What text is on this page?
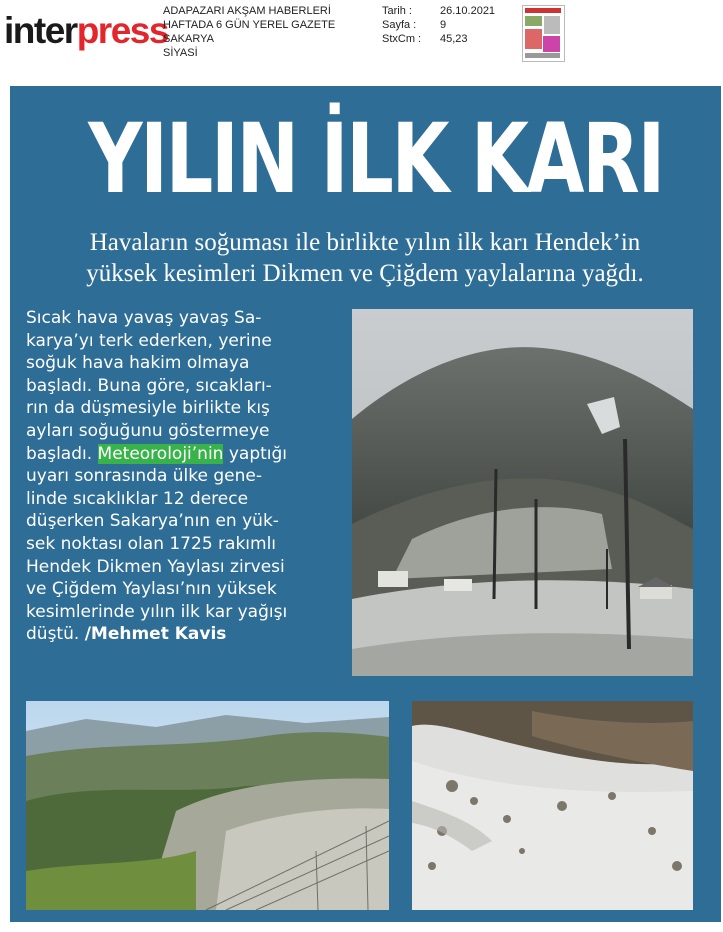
interpress
ADAPAZARI AKŞAM HABERLERİ
HAFTADA 6 GÜN YEREL GAZETE
SAKARYA
SİYASİ
Tarih :
Sayfa :
StxCm :
26.10.2021
9
45,23
YILIN İLK KARI
Havaların soğuması ile birlikte yılın ilk karı Hendek’in
yüksek kesimleri Dikmen ve Çiğdem yaylalarına yağdı.
Sıcak hava yavaş yavaş Sa-
karya’yı terk ederken, yerine
soğuk hava hakim olmaya
başladı. Buna göre, sıcakları-
rın da düşmesiyle birlikte kış
ayları soğuğunu göstermeye
başladı. Meteoroloji’nin yaptığı
uyarı sonrasında ülke gene-
linde sıcaklıklar 12 derece
düşerken Sakarya’nın en yük-
sek noktası olan 1725 rakımlı
Hendek Dikmen Yaylası zirvesi
ve Çiğdem Yaylası’nın yüksek
kesimlerinde yılın ilk kar yağışı
düştü. /Mehmet Kavis
